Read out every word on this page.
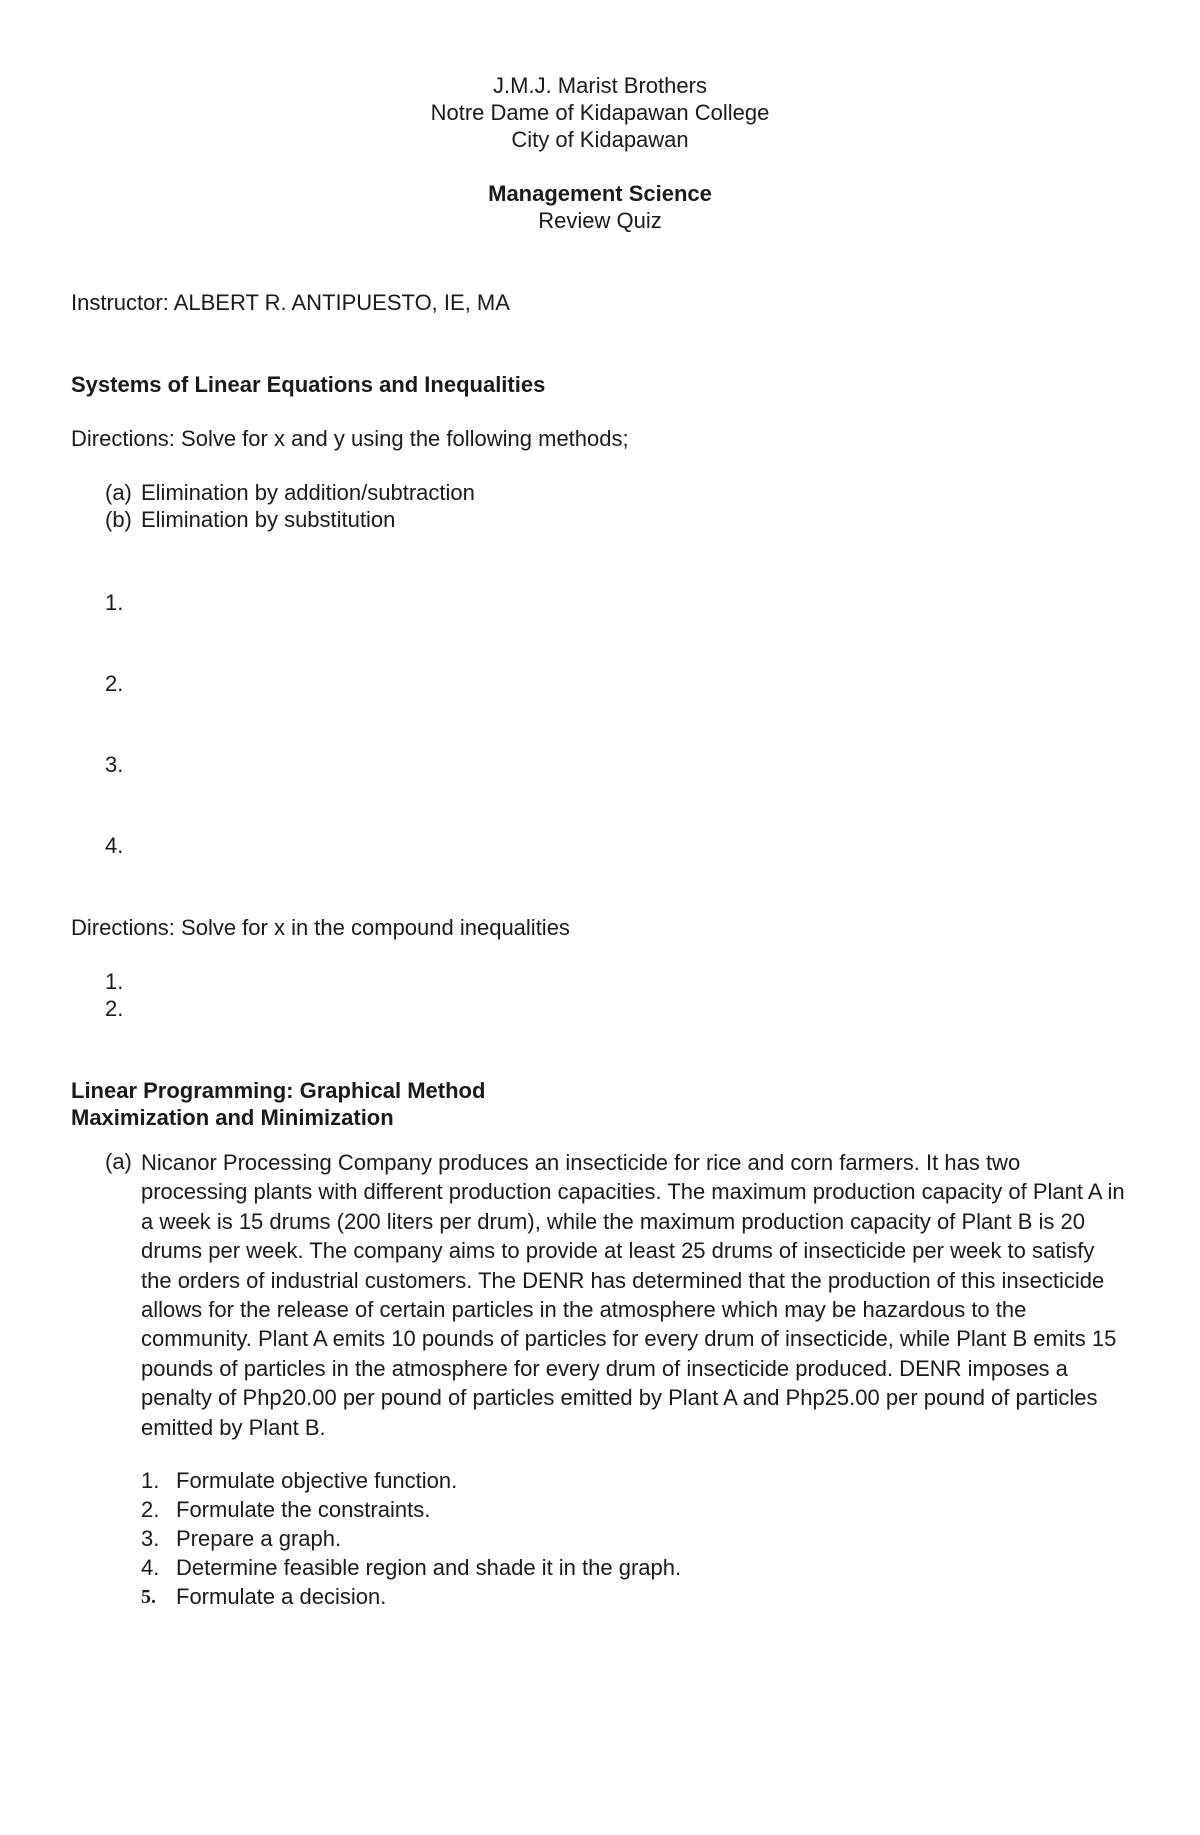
J.M.J. Marist Brothers
Notre Dame of Kidapawan College
City of Kidapawan
Management Science
Review Quiz
Instructor: ALBERT R. ANTIPUESTO, IE, MA
Systems of Linear Equations and Inequalities
Directions: Solve for x and y using the following methods;
(a) Elimination by addition/subtraction
(b) Elimination by substitution
1.
2.
3.
4.
Directions: Solve for x in the compound inequalities
1.
2.
Linear Programming: Graphical Method
Maximization and Minimization
(a) Nicanor Processing Company produces an insecticide for rice and corn farmers. It has two processing plants with different production capacities. The maximum production capacity of Plant A in a week is 15 drums (200 liters per drum), while the maximum production capacity of Plant B is 20 drums per week. The company aims to provide at least 25 drums of insecticide per week to satisfy the orders of industrial customers. The DENR has determined that the production of this insecticide allows for the release of certain particles in the atmosphere which may be hazardous to the community. Plant A emits 10 pounds of particles for every drum of insecticide, while Plant B emits 15 pounds of particles in the atmosphere for every drum of insecticide produced. DENR imposes a penalty of Php20.00 per pound of particles emitted by Plant A and Php25.00 per pound of particles emitted by Plant B.
1. Formulate objective function.
2. Formulate the constraints.
3. Prepare a graph.
4. Determine feasible region and shade it in the graph.
5. Formulate a decision.
